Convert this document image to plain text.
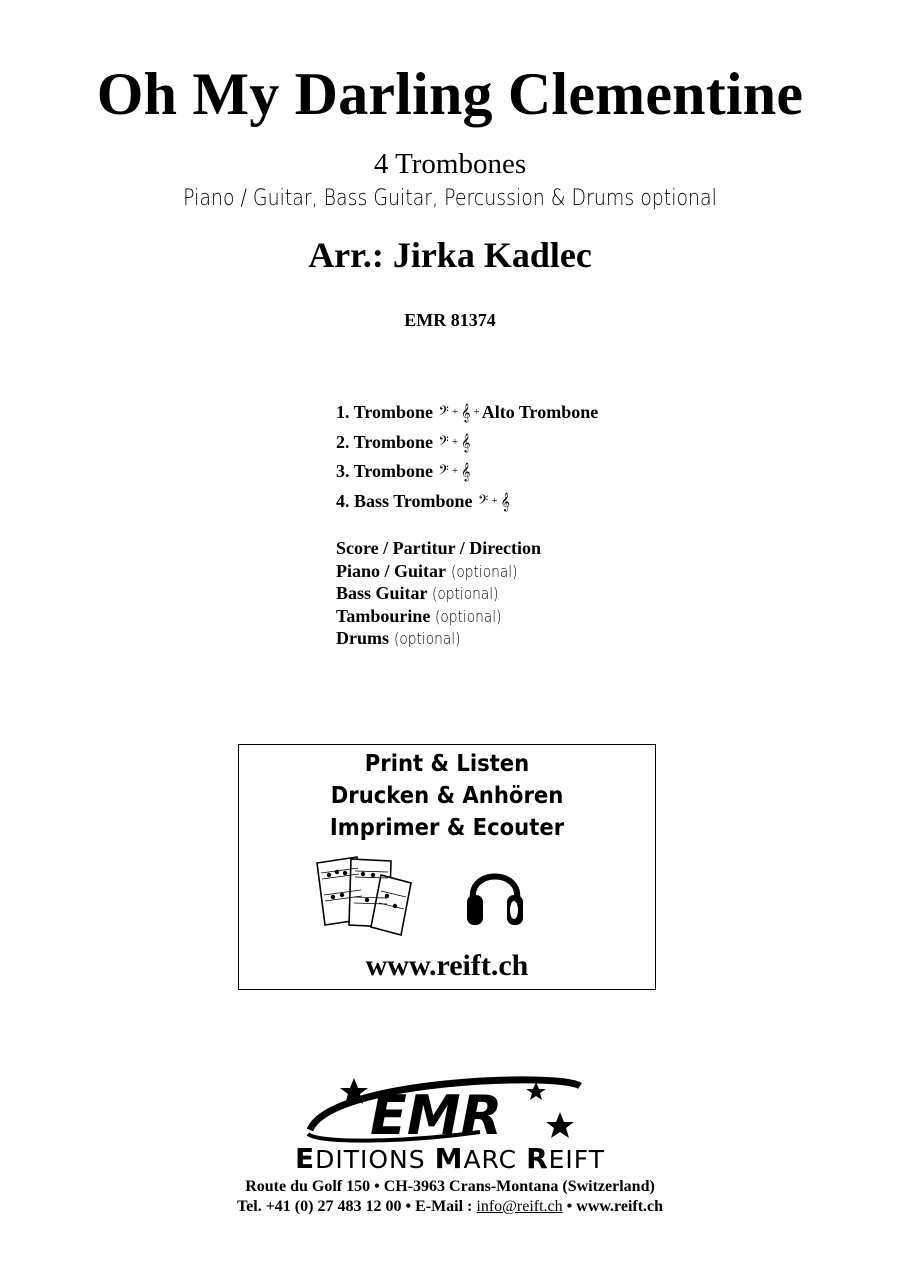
Oh My Darling Clementine
4 Trombones
Piano / Guitar, Bass Guitar, Percussion & Drums optional
Arr.: Jirka Kadlec
EMR 81374
1. Trombone 𝄢 + 𝄞 + Alto Trombone
2. Trombone 𝄢 + 𝄞
3. Trombone 𝄢 + 𝄞
4. Bass Trombone 𝄢 + 𝄞
Score / Partitur / Direction
Piano / Guitar (optional)
Bass Guitar (optional)
Tambourine (optional)
Drums (optional)
Print & Listen
Drucken & Anhören
Imprimer & Ecouter
www.reift.ch
EMR
EDITIONS MARC REIFT
Route du Golf 150 • CH-3963 Crans-Montana (Switzerland)
Tel. +41 (0) 27 483 12 00 • E-Mail : info@reift.ch • www.reift.ch
